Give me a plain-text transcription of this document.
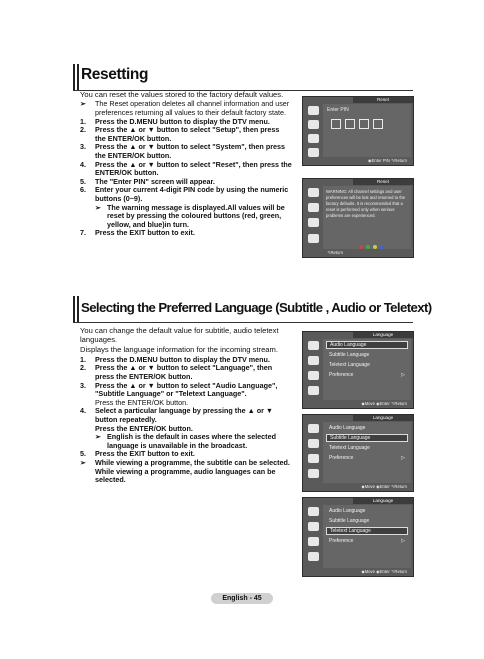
Resetting

You can reset the values stored to the factory default values.

➢	The Reset operation deletes all channel information and user preferences returning all values to their default factory state.
1.	Press the D.MENU button to display the DTV menu.
2.	Press the ▲ or ▼ button to select "Setup", then press the ENTER/OK button.
3.	Press the ▲ or ▼ button to select "System", then press the ENTER/OK button.
4.	Press the ▲ or ▼ button to select "Reset", then press the ENTER/OK button.
5.	The "Enter PIN" screen will appear.
6.	Enter your current 4-digit PIN code by using the numeric buttons (0~9).
➢ The warning message is displayed.All values will be reset by pressing the coloured buttons (red, green, yellow, and blue)in turn.
7.	Press the EXIT button to exit.
Reset
Enter PIN
◉Enter PIN ↰Return
Reset
WARNING: All channel settings and user preferences will be lost and returned to the factory defaults. It is recommended that a reset is performed only when serious problems are experienced.
↰Return
Selecting the Preferred Language (Subtitle , Audio or Teletext)

You can change the default value for subtitle, audio teletext languages.

Displays the language information for the incoming stream.

1.	Press the D.MENU button to display the DTV menu.
2.	Press the ▲ or ▼ button to select "Language", then press the ENTER/OK button.
3.	Press the ▲ or ▼ button to select "Audio Language", "Subtitle Language" or "Teletext Language".
Press the ENTER/OK button.
4.	Select a particular language by pressing the ▲ or ▼ button repeatedly.
Press the ENTER/OK button.
➢ English is the default in cases where the selected language is unavailable in the broadcast.
5.	Press the EXIT button to exit.
➢	While viewing a programme, the subtitle can be selected.
While viewing a programme, audio languages can be selected.
Language
Audio Language
Subtitle Language
Teletext Language
Preference	▷
◆Move ◉Enter ↰Return
Language
Audio Language
Subtitle Language
Teletext Language
Preference	▷
◆Move ◉Enter ↰Return
Language
Audio Language
Subtitle Language
Teletext Language
Preference	▷
◆Move ◉Enter ↰Return
English - 45
